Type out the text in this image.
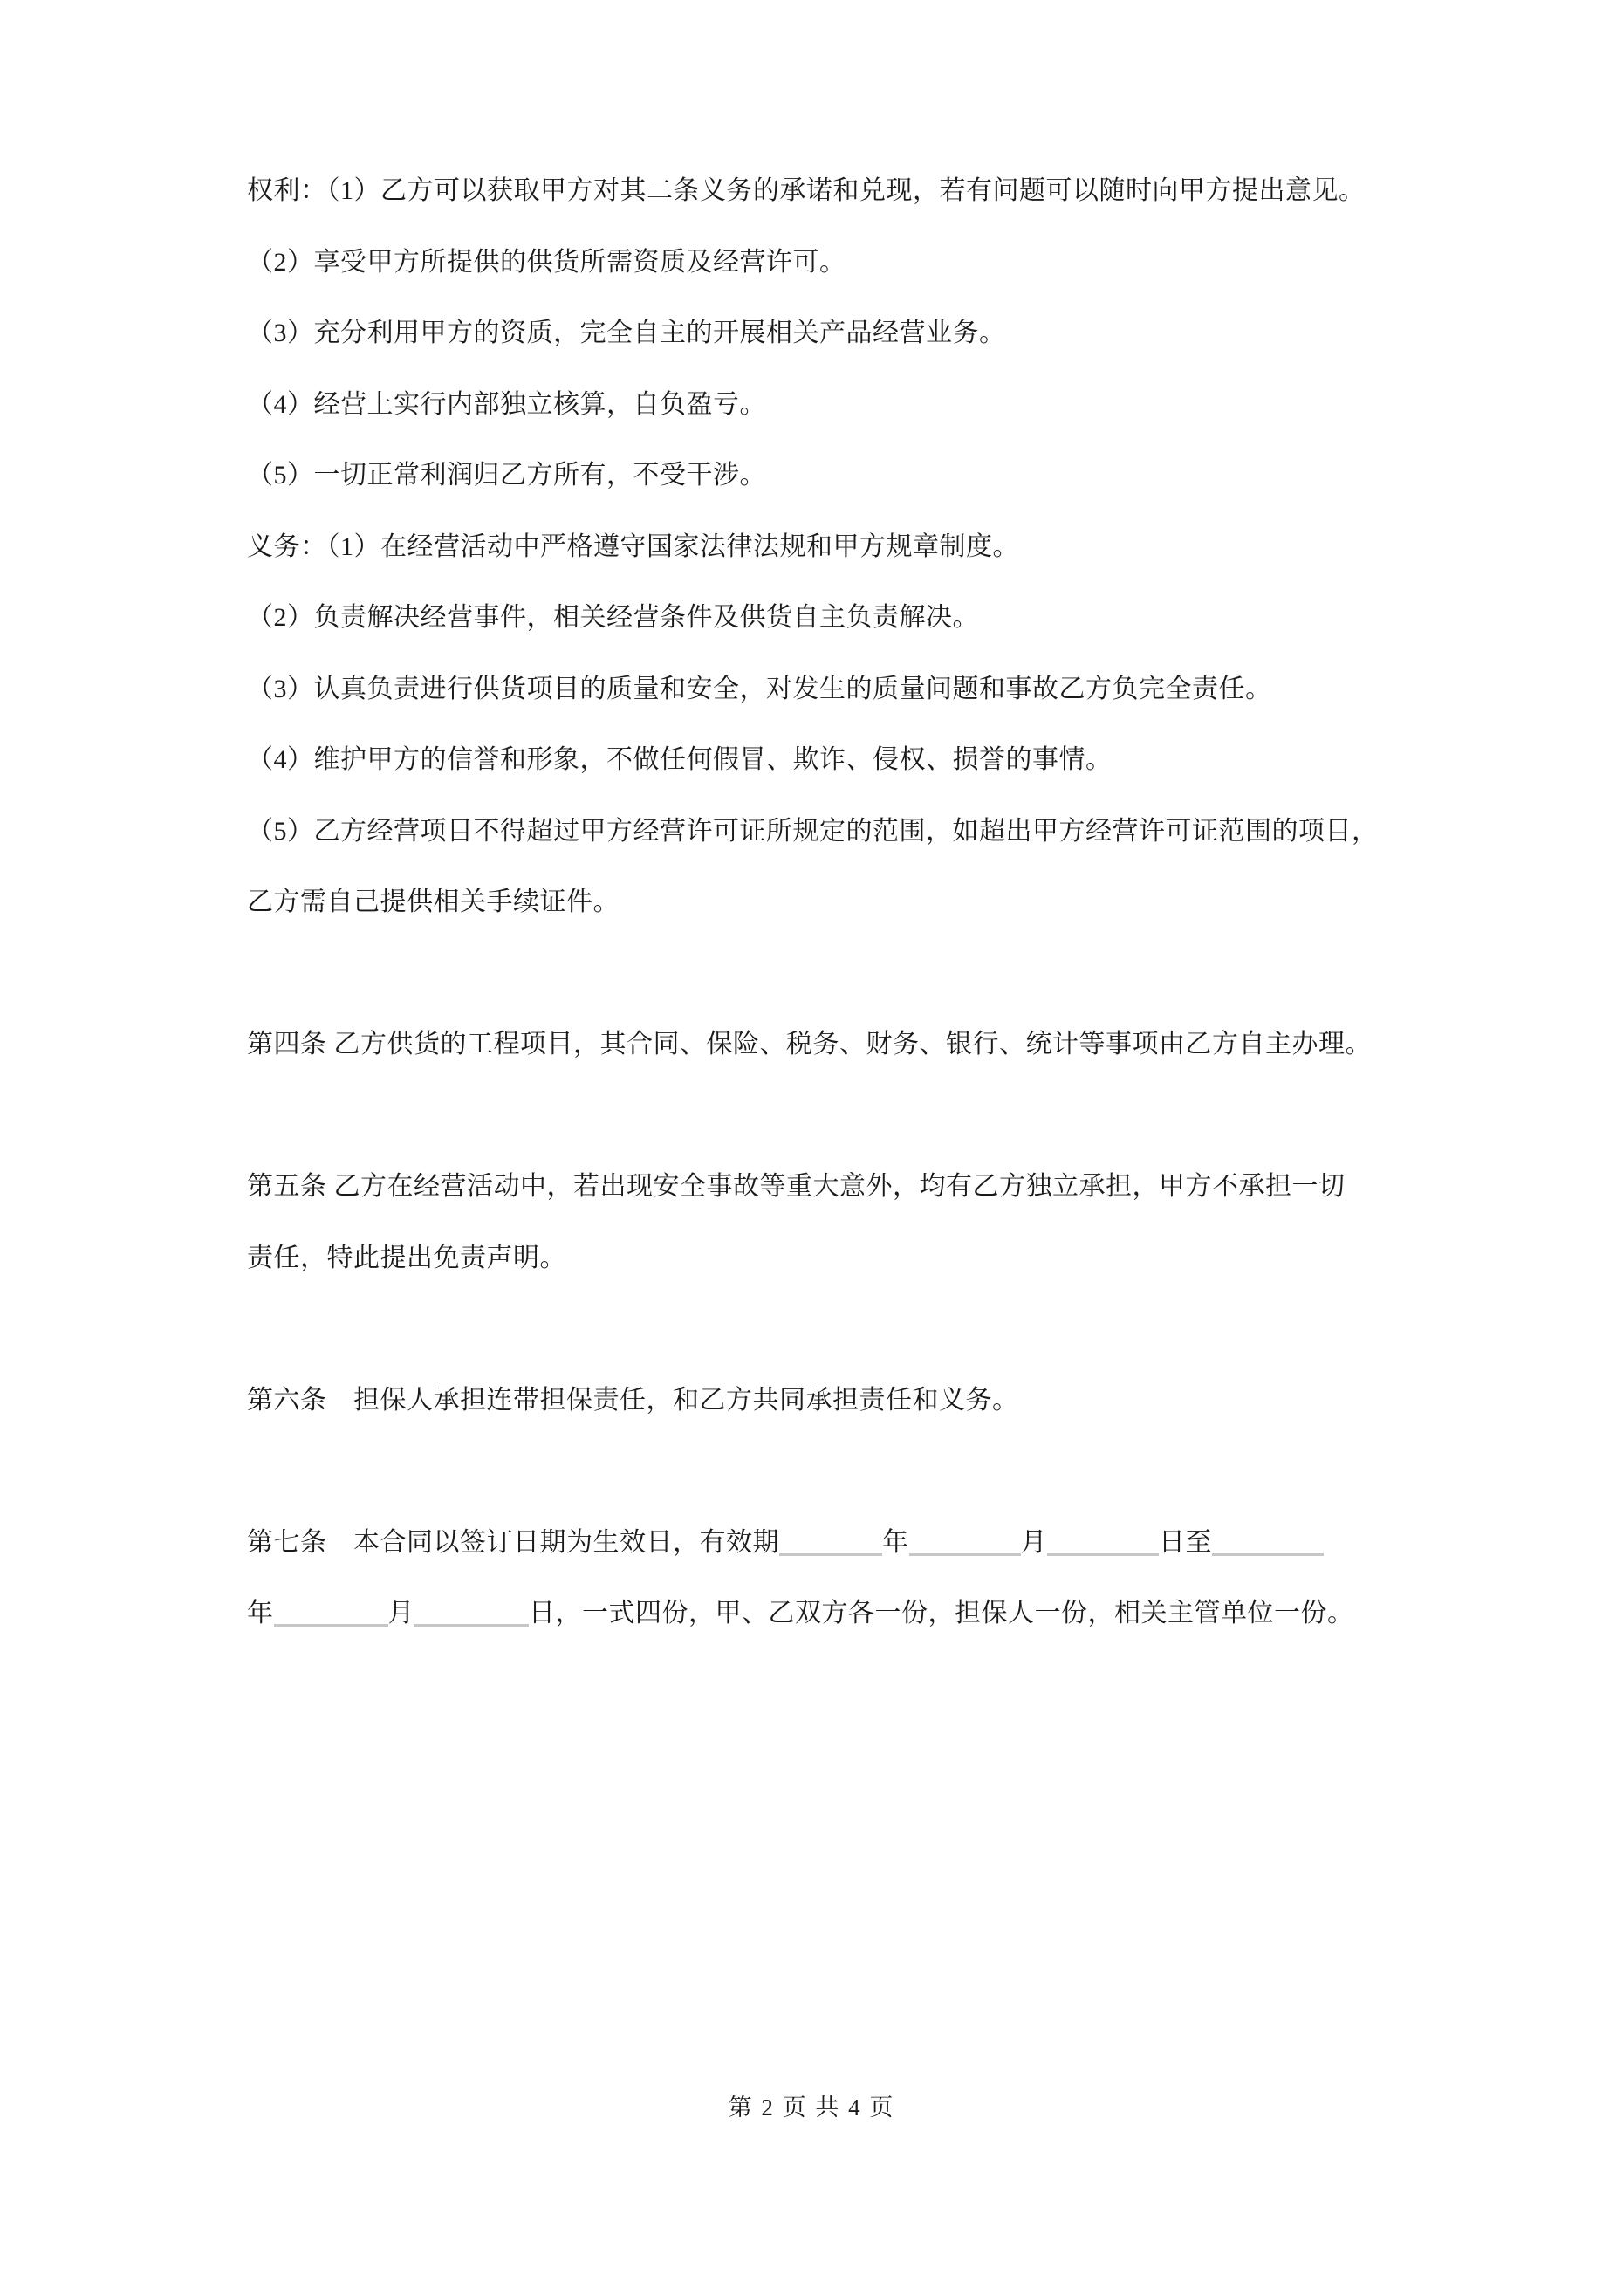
权利：（1）乙方可以获取甲方对其二条义务的承诺和兑现，若有问题可以随时向甲方提出意见。

（2）享受甲方所提供的供货所需资质及经营许可。

（3）充分利用甲方的资质，完全自主的开展相关产品经营业务。

（4）经营上实行内部独立核算，自负盈亏。

（5）一切正常利润归乙方所有，不受干涉。

义务：（1）在经营活动中严格遵守国家法律法规和甲方规章制度。

（2）负责解决经营事件，相关经营条件及供货自主负责解决。

（3）认真负责进行供货项目的质量和安全，对发生的质量问题和事故乙方负完全责任。

（4）维护甲方的信誉和形象，不做任何假冒、欺诈、侵权、损誉的事情。

（5）乙方经营项目不得超过甲方经营许可证所规定的范围，如超出甲方经营许可证范围的项目，

乙方需自己提供相关手续证件。

第四条 乙方供货的工程项目，其合同、保险、税务、财务、银行、统计等事项由乙方自主办理。

第五条 乙方在经营活动中，若出现安全事故等重大意外，均有乙方独立承担，甲方不承担一切

责任，特此提出免责声明。

第六条　担保人承担连带担保责任，和乙方共同承担责任和义务。

第七条　本合同以签订日期为生效日，有效期	年	月	日至

年	月	日，一式四份，甲、乙双方各一份，担保人一份，相关主管单位一份。

第 2 页 共 4 页
